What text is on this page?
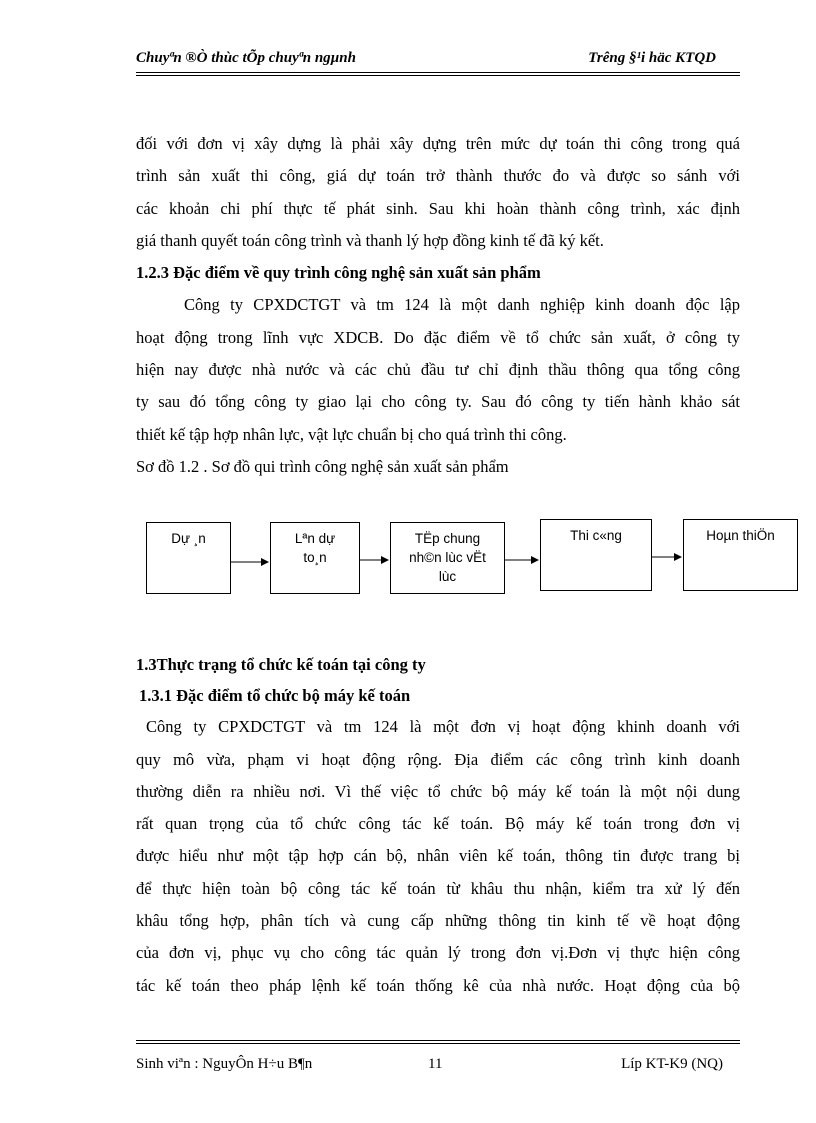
Chuyªn ®Ò thùc tÕp chuyªn ngµnh	Trêng §¹i häc KTQD
đối với đơn vị xây dựng là phải xây dựng trên mức dự toán thi công trong quá
trình sản xuất thi công, giá dự toán trở thành thước đo và được so sánh với
các khoản chi phí thực tế phát sinh. Sau khi hoàn thành công trình, xác định
giá thanh quyết toán công trình và thanh lý hợp đồng kinh tế đã ký kết.
1.2.3 Đặc điểm về quy trình công nghệ sản xuất sản phẩm
Công ty CPXDCTGT và tm 124 là một danh nghiệp kinh doanh độc lập
hoạt động trong lĩnh vực XDCB. Do đặc điểm về tổ chức sản xuất, ở công ty
hiện nay được nhà nước và các chủ đầu tư chỉ định thầu thông qua tổng công
ty sau đó tổng công ty giao lại cho công ty. Sau đó công ty tiến hành khảo sát
thiết kế tập hợp nhân lực, vật lực chuẩn bị cho quá trình thi công.
Sơ đồ 1.2 . Sơ đồ qui trình công nghệ sản xuất sản phẩm
Dự ¸n	Lªn dự
to¸n
TËp chung
nh©n lùc vËt
lùc
Thi c«ng	Hoµn thiÖn
1.3Thực trạng tổ chức kế toán tại công ty
1.3.1 Đặc điểm tổ chức bộ máy kế toán
Công ty CPXDCTGT và tm 124 là một đơn vị hoạt động khinh doanh với
quy mô vừa, phạm vi hoạt động rộng. Địa điểm các công trình kinh doanh
thường diễn ra nhiều nơi. Vì thế việc tổ chức bộ máy kế toán là một nội dung
rất quan trọng của tổ chức công tác kế toán. Bộ máy kế toán trong đơn vị
được hiểu như một tập hợp cán bộ, nhân viên kế toán, thông tin được trang bị
để thực hiện toàn bộ công tác kế toán từ khâu thu nhận, kiểm tra xử lý đến
khâu tổng hợp, phân tích và cung cấp những thông tin kinh tế về hoạt động
của đơn vị, phục vụ cho công tác quản lý trong đơn vị.Đơn vị thực hiện công
tác kế toán theo pháp lệnh kế toán thống kê của nhà nước. Hoạt động của bộ
Sinh viªn : NguyÔn H÷u B¶n	11	Líp KT-K9 (NQ)
